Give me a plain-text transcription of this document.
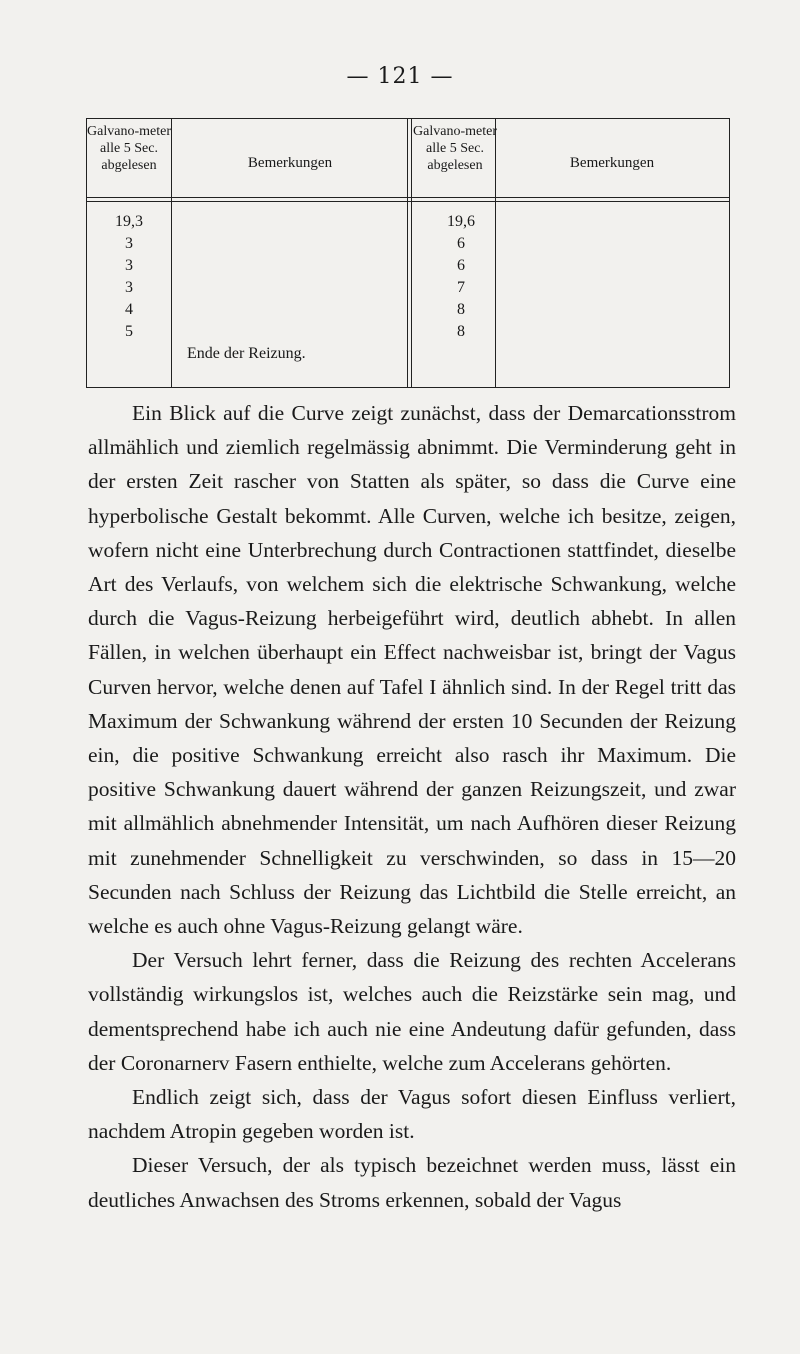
— 121 —
Galvano-meter alle 5 Sec. abgelesen	Bemerkungen
Galvano-meter alle 5 Sec. abgelesen	Bemerkungen
19,3
3
3
3
4
5
19,6
6
6
7
8
8
Ende der Reizung.

Ein Blick auf die Curve zeigt zunächst, dass der Demarcationsstrom allmählich und ziemlich regelmässig abnimmt. Die Verminderung geht in der ersten Zeit rascher von Statten als später, so dass die Curve eine hyperbolische Gestalt bekommt. Alle Curven, welche ich besitze, zeigen, wofern nicht eine Unterbrechung durch Contractionen stattfindet, dieselbe Art des Verlaufs, von welchem sich die elektrische Schwankung, welche durch die Vagus-Reizung herbeigeführt wird, deutlich abhebt. In allen Fällen, in welchen überhaupt ein Effect nachweisbar ist, bringt der Vagus Curven hervor, welche denen auf Tafel I ähnlich sind. In der Regel tritt das Maximum der Schwankung während der ersten 10 Secunden der Reizung ein, die positive Schwankung erreicht also rasch ihr Maximum. Die positive Schwankung dauert während der ganzen Reizungszeit, und zwar mit allmählich abnehmender Intensität, um nach Aufhören dieser Reizung mit zunehmender Schnelligkeit zu verschwinden, so dass in 15—20 Secunden nach Schluss der Reizung das Lichtbild die Stelle erreicht, an welche es auch ohne Vagus-Reizung gelangt wäre.

Der Versuch lehrt ferner, dass die Reizung des rechten Accelerans vollständig wirkungslos ist, welches auch die Reizstärke sein mag, und dementsprechend habe ich auch nie eine Andeutung dafür gefunden, dass der Coronarnerv Fasern enthielte, welche zum Accelerans gehörten.

Endlich zeigt sich, dass der Vagus sofort diesen Einfluss verliert, nachdem Atropin gegeben worden ist.

Dieser Versuch, der als typisch bezeichnet werden muss, lässt ein deutliches Anwachsen des Stroms erkennen, sobald der Vagus
